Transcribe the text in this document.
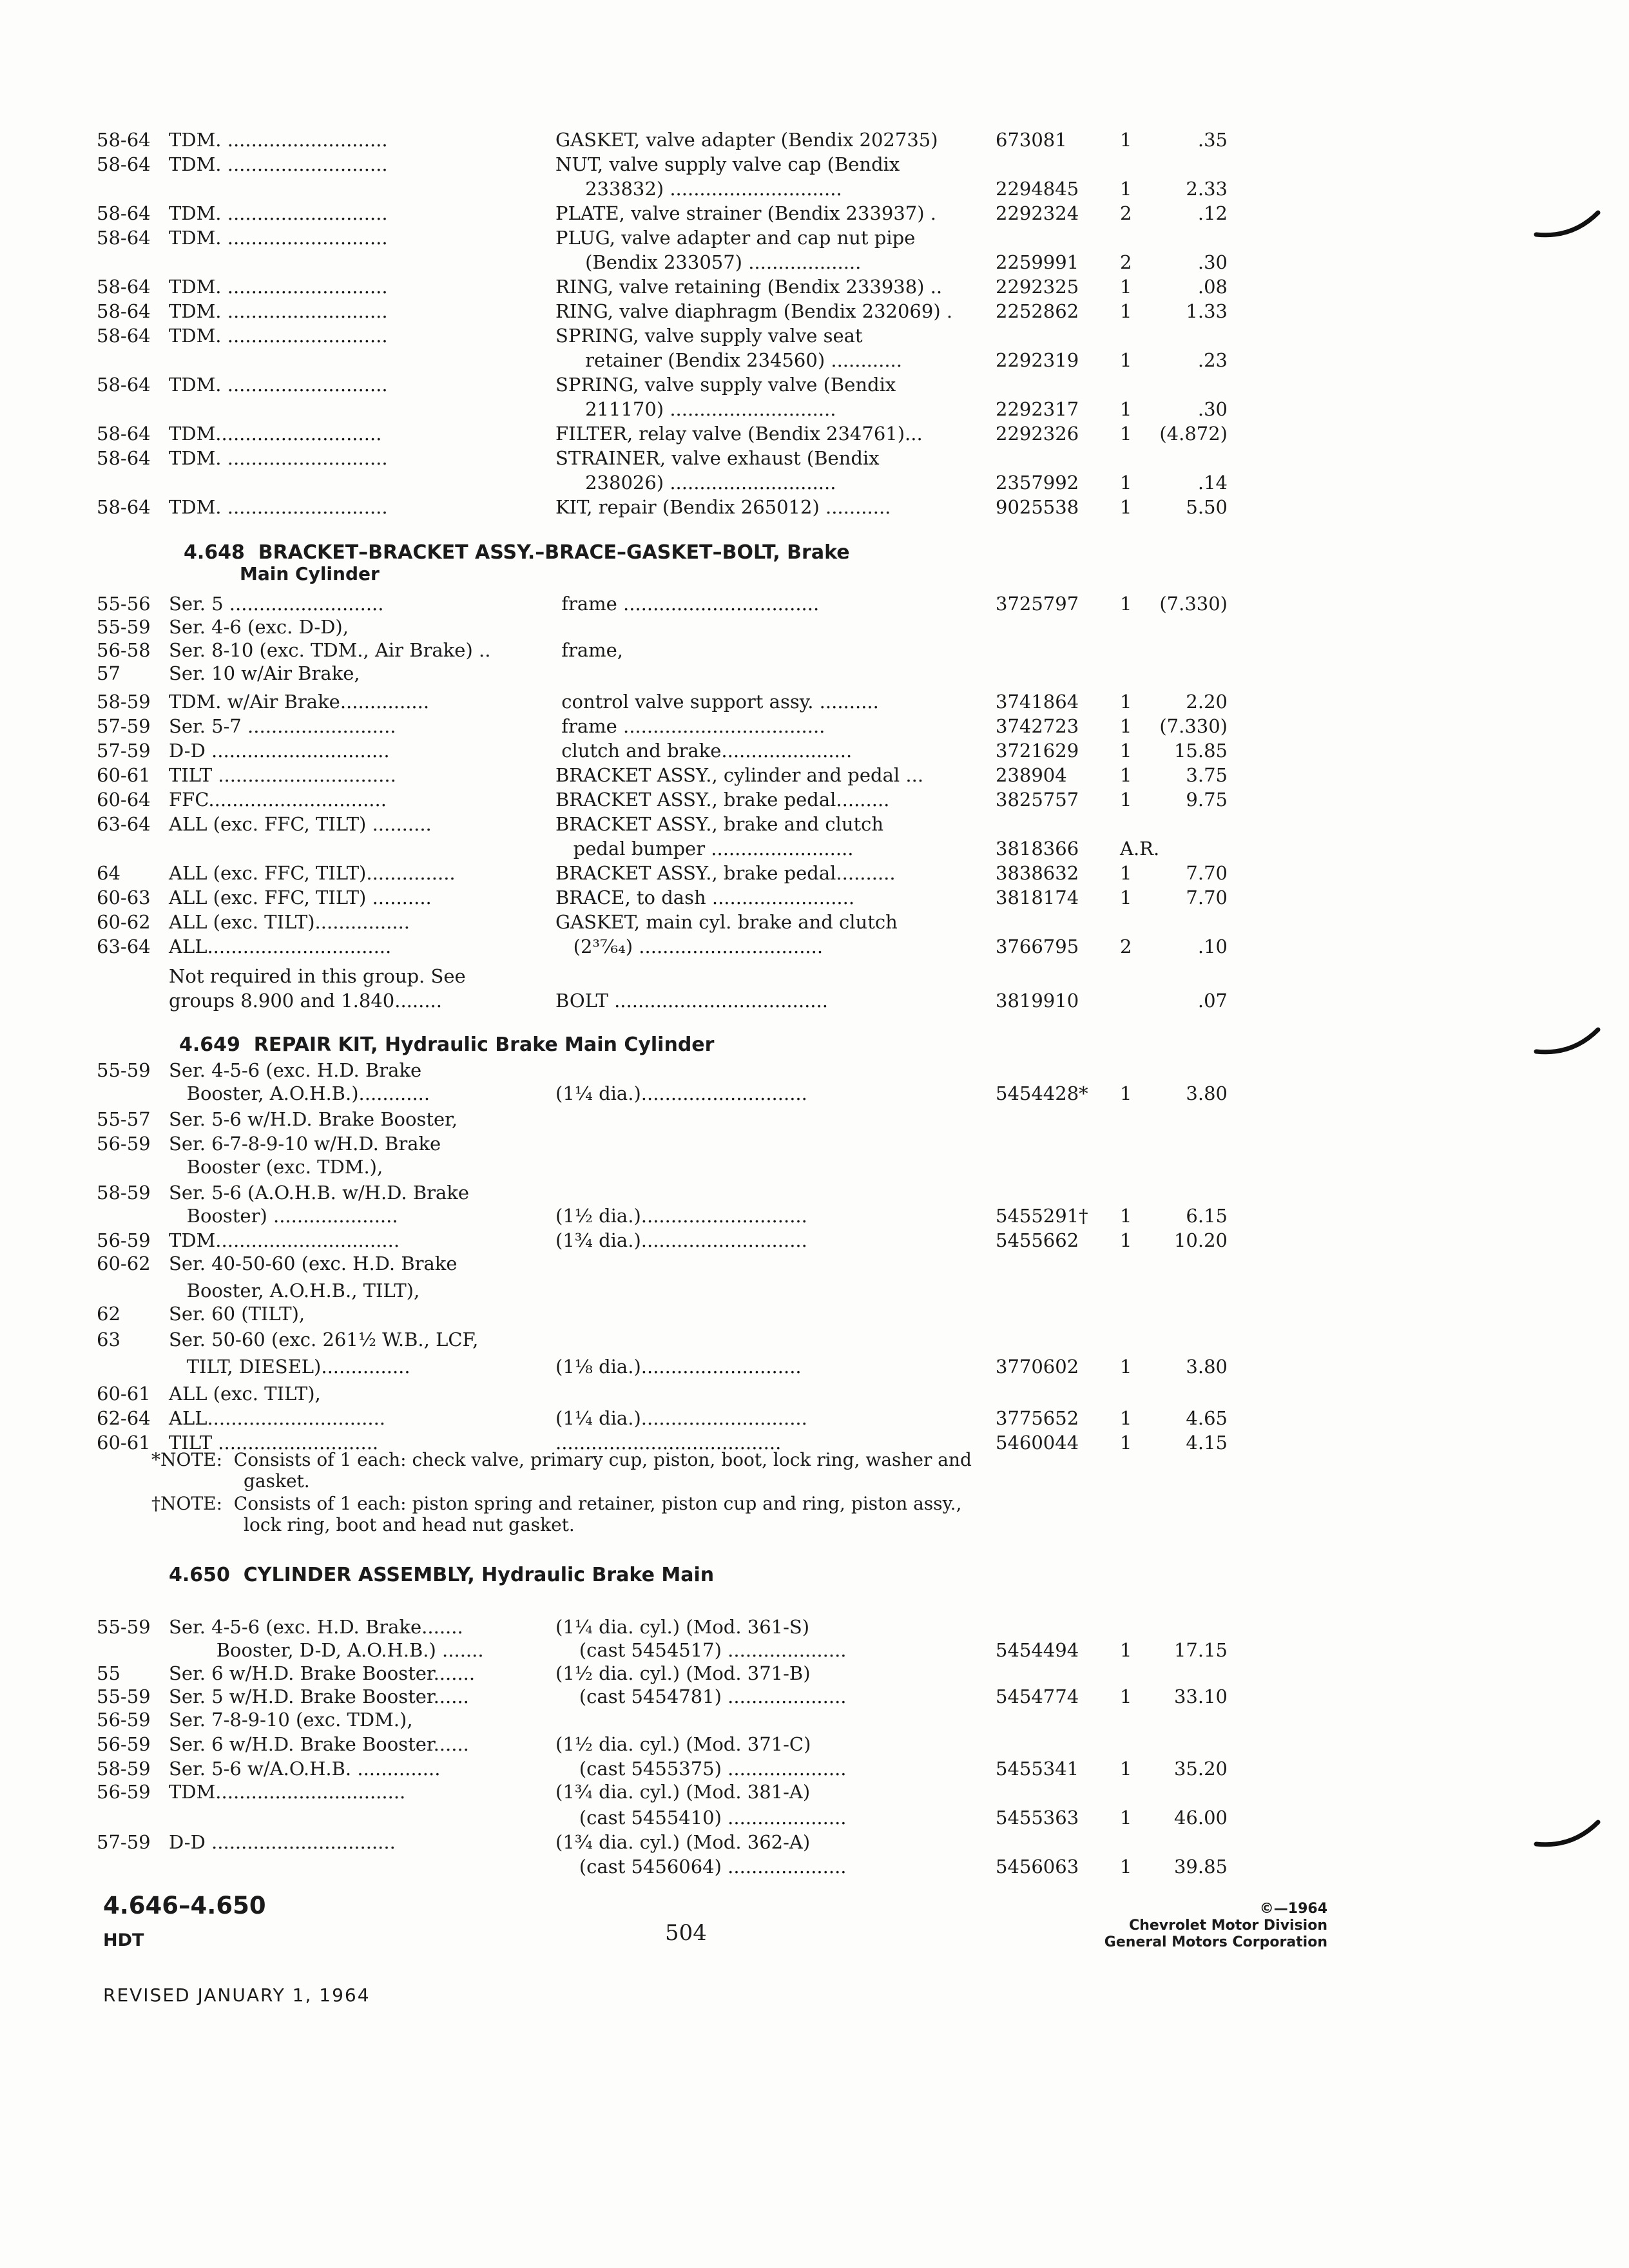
58-64 TDM. ...........................	GASKET, valve adapter (Bendix 202735)	673081	1	.35
58-64 TDM. ...........................	NUT, valve supply valve cap (Bendix
233832) .............................	2294845 1	2.33
58-64 TDM. ...........................	PLATE, valve strainer (Bendix 233937) .	2292324 2	.12
58-64 TDM. ...........................	PLUG, valve adapter and cap nut pipe
(Bendix 233057) ...................	2259991 2	.30
58-64 TDM. ...........................	RING, valve retaining (Bendix 233938) ..	2292325 1	.08
58-64 TDM. ...........................	RING, valve diaphragm (Bendix 232069) . 2252862 1	1.33
58-64 TDM. ...........................	SPRING, valve supply valve seat
retainer (Bendix 234560) ............	2292319 1	.23
58-64 TDM. ...........................	SPRING, valve supply valve (Bendix
211170) ............................	2292317 1	.30
58-64 TDM............................	FILTER, relay valve (Bendix 234761)...	2292326 1	(4.872)
58-64 TDM. ...........................	STRAINER, valve exhaust (Bendix
238026) ............................	2357992 1	.14
58-64 TDM. ...........................	KIT, repair (Bendix 265012) ...........	9025538 1	5.50
55-56 Ser. 5 ..........................	frame .................................	3725797 1	(7.330)
55-59 Ser. 4-6 (exc. D-D),
56-58 Ser. 8-10 (exc. TDM., Air Brake) ..	frame,
57	Ser. 10 w/Air Brake,
58-59 TDM. w/Air Brake...............	control valve support assy. ..........	3741864 1	2.20
57-59 Ser. 5-7 .........................	frame ..................................	3742723 1	(7.330)
57-59 D-D ..............................	clutch and brake......................	3721629 1	15.85
60-61 TILT ..............................	BRACKET ASSY., cylinder and pedal ...	238904	1	3.75
60-64 FFC..............................	BRACKET ASSY., brake pedal.........	3825757 1	9.75
63-64 ALL (exc. FFC, TILT) ..........	BRACKET ASSY., brake and clutch
pedal bumper ........................	3818366 A.R.
64	ALL (exc. FFC, TILT)...............	BRACKET ASSY., brake pedal..........	3838632 1	7.70
60-63 ALL (exc. FFC, TILT) ..........	BRACE, to dash ........................	3818174 1	7.70
60-62 ALL (exc. TILT)................	GASKET, main cyl. brake and clutch
63-64 ALL...............................	(2³⁷⁄₆₄) ...............................	3766795 2	.10
Not required in this group. See
groups 8.900 and 1.840........	BOLT ....................................	3819910	.07
55-59 Ser. 4-5-6 (exc. H.D. Brake
Booster, A.O.H.B.)............	(1¼ dia.)............................	5454428* 1	3.80
55-57 Ser. 5-6 w/H.D. Brake Booster,
56-59 Ser. 6-7-8-9-10 w/H.D. Brake
Booster (exc. TDM.),
58-59 Ser. 5-6 (A.O.H.B. w/H.D. Brake
Booster) .....................	(1½ dia.)............................	5455291† 1	6.15
56-59 TDM...............................	(1¾ dia.)............................	5455662 1	10.20
60-62 Ser. 40-50-60 (exc. H.D. Brake
Booster, A.O.H.B., TILT),
62	Ser. 60 (TILT),
63	Ser. 50-60 (exc. 261½ W.B., LCF,
TILT, DIESEL)...............	(1⅛ dia.)...........................	3770602 1	3.80
60-61 ALL (exc. TILT),
62-64 ALL..............................	(1¼ dia.)............................	3775652 1	4.65
60-61 TILT ...........................	......................................	5460044 1	4.15
55-59 Ser. 4-5-6 (exc. H.D. Brake.......	(1¼ dia. cyl.) (Mod. 361-S)
Booster, D-D, A.O.H.B.) .......	(cast 5454517) ....................	5454494 1	17.15
55	Ser. 6 w/H.D. Brake Booster.......	(1½ dia. cyl.) (Mod. 371-B)
55-59 Ser. 5 w/H.D. Brake Booster......	(cast 5454781) ....................	5454774 1	33.10
56-59 Ser. 7-8-9-10 (exc. TDM.),
56-59 Ser. 6 w/H.D. Brake Booster......	(1½ dia. cyl.) (Mod. 371-C)
58-59 Ser. 5-6 w/A.O.H.B. ..............	(cast 5455375) ....................	5455341 1	35.20
56-59 TDM................................	(1¾ dia. cyl.) (Mod. 381-A)
(cast 5455410) ....................	5455363 1	46.00
57-59 D-D ...............................	(1¾ dia. cyl.) (Mod. 362-A)
(cast 5456064) ....................	5456063 1	39.85
4.648  BRACKET–BRACKET ASSY.–BRACE–GASKET–BOLT, Brake
Main Cylinder
4.649  REPAIR KIT, Hydraulic Brake Main Cylinder
4.650  CYLINDER ASSEMBLY, Hydraulic Brake Main
*NOTE:  Consists of 1 each: check valve, primary cup, piston, boot, lock ring, washer and
gasket.
†NOTE:  Consists of 1 each: piston spring and retainer, piston cup and ring, piston assy.,
lock ring, boot and head nut gasket.
4.646–4.650
HDT	504
©—1964
Chevrolet Motor Division
General Motors Corporation
REVISED JANUARY 1, 1964
